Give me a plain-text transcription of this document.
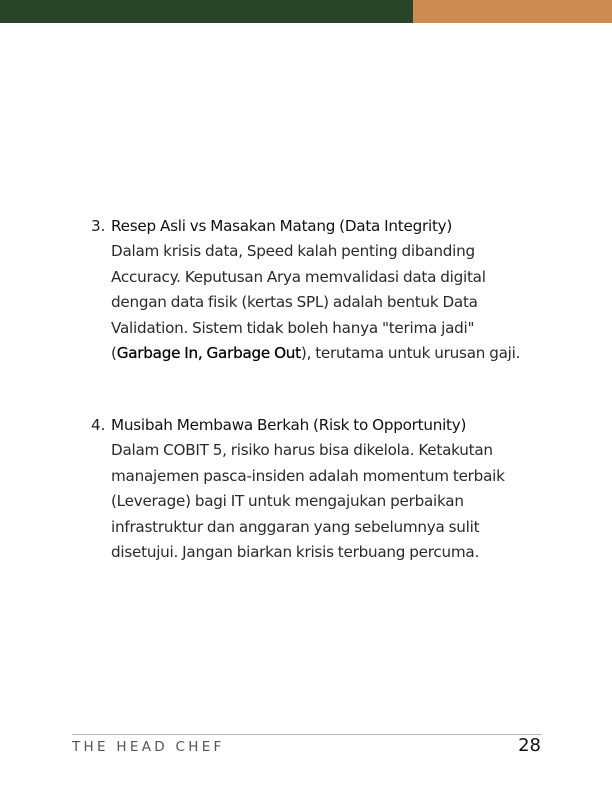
3. Resep Asli vs Masakan Matang (Data Integrity)
Dalam krisis data, Speed kalah penting dibanding
Accuracy. Keputusan Arya memvalidasi data digital
dengan data fisik (kertas SPL) adalah bentuk Data
Validation. Sistem tidak boleh hanya "terima jadi"
(Garbage In, Garbage Out), terutama untuk urusan gaji.
4. Musibah Membawa Berkah (Risk to Opportunity)
Dalam COBIT 5, risiko harus bisa dikelola. Ketakutan
manajemen pasca-insiden adalah momentum terbaik
(Leverage) bagi IT untuk mengajukan perbaikan
infrastruktur dan anggaran yang sebelumnya sulit
disetujui. Jangan biarkan krisis terbuang percuma.
THE HEAD CHEF	28
